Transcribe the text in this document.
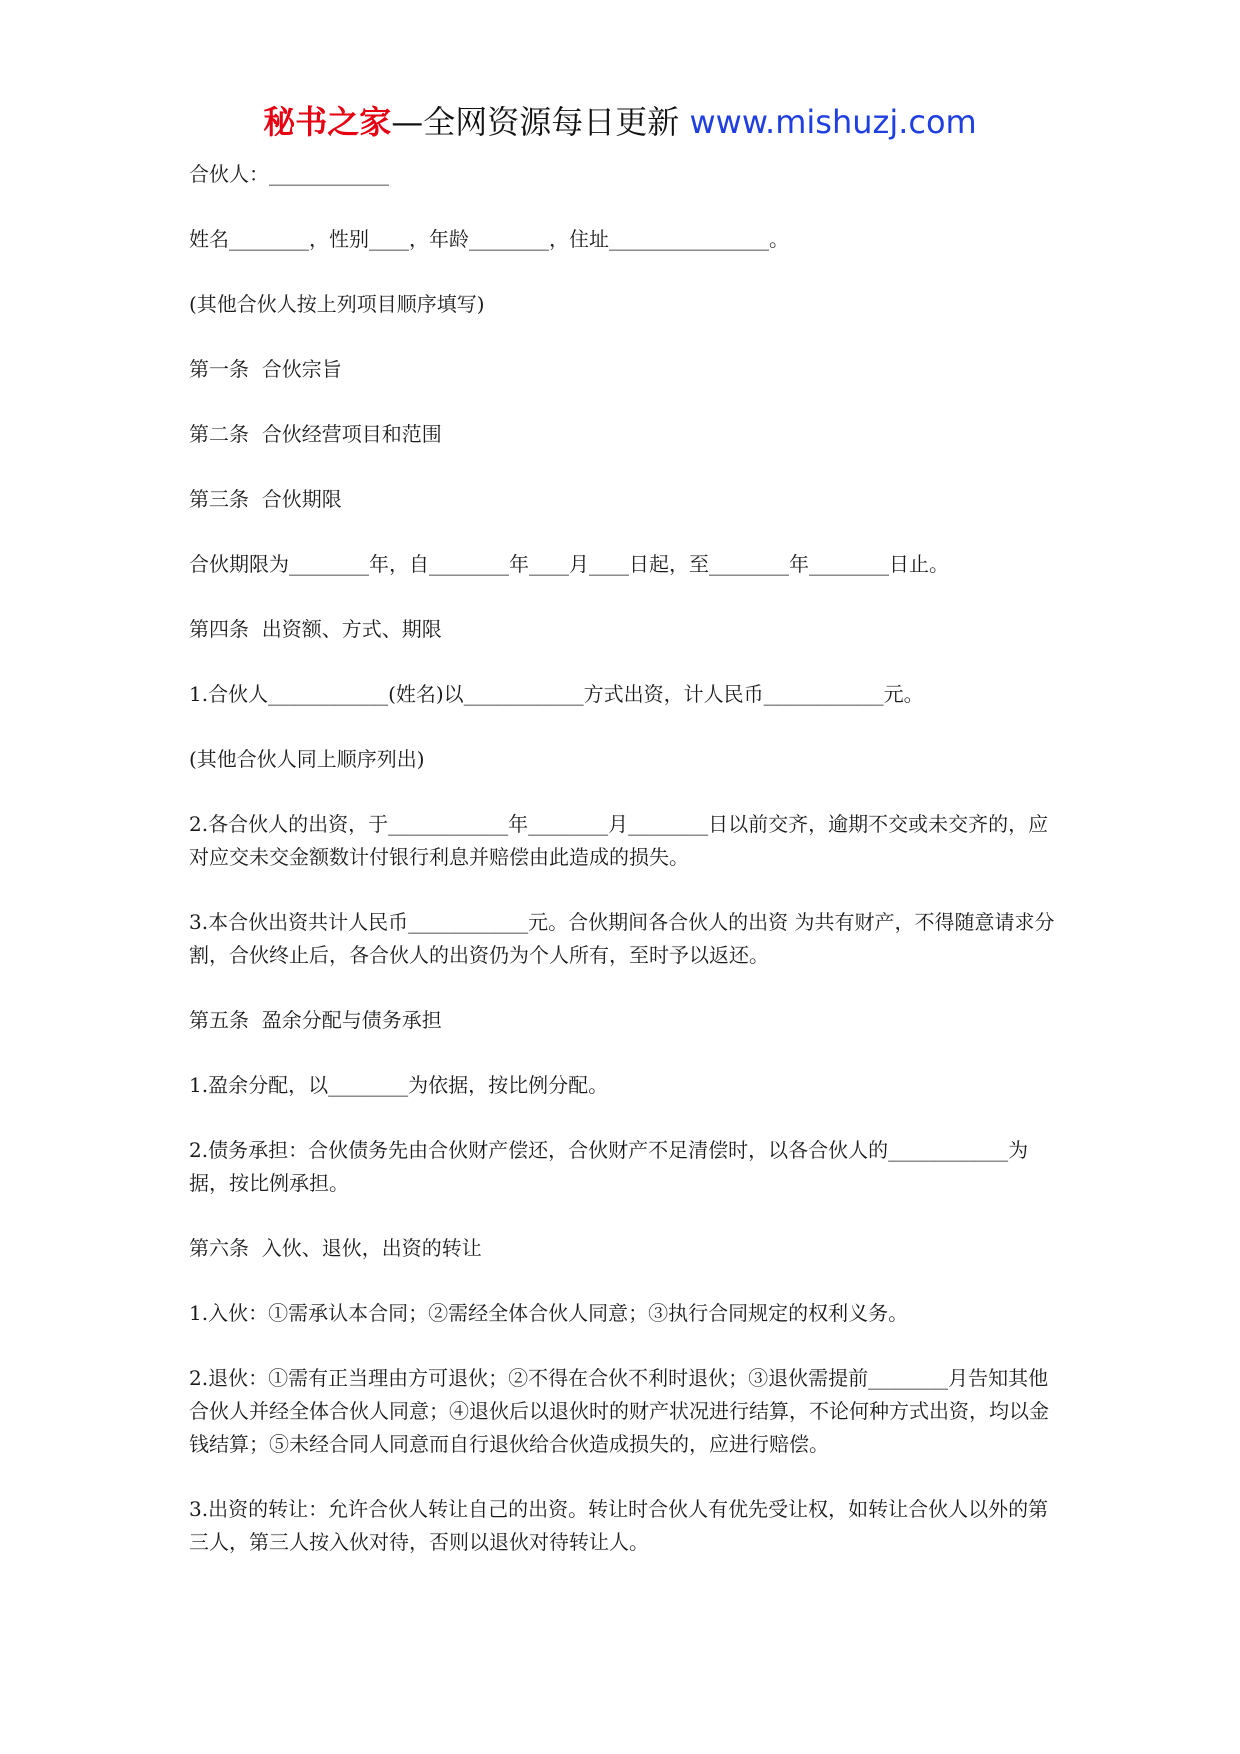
秘书之家—全网资源每日更新 www.mishuzj.com

合伙人：____________

姓名________，性别____，年龄________，住址________________。

(其他合伙人按上列项目顺序填写)

第一条  合伙宗旨

第二条  合伙经营项目和范围

第三条  合伙期限

合伙期限为________年，自________年____月____日起，至________年________日止。

第四条  出资额、方式、期限

1.合伙人____________(姓名)以____________方式出资，计人民币____________元。

(其他合伙人同上顺序列出)

2.各合伙人的出资，于____________年________月________日以前交齐，逾期不交或未交齐的，应对应交未交金额数计付银行利息并赔偿由此造成的损失。

3.本合伙出资共计人民币____________元。合伙期间各合伙人的出资 为共有财产，不得随意请求分割，合伙终止后，各合伙人的出资仍为个人所有，至时予以返还。

第五条  盈余分配与债务承担

1.盈余分配，以________为依据，按比例分配。

2.债务承担：合伙债务先由合伙财产偿还，合伙财产不足清偿时，以各合伙人的____________为据，按比例承担。

第六条  入伙、退伙，出资的转让

1.入伙：①需承认本合同；②需经全体合伙人同意；③执行合同规定的权利义务。

2.退伙：①需有正当理由方可退伙；②不得在合伙不利时退伙；③退伙需提前________月告知其他合伙人并经全体合伙人同意；④退伙后以退伙时的财产状况进行结算，不论何种方式出资，均以金钱结算；⑤未经合同人同意而自行退伙给合伙造成损失的，应进行赔偿。

3.出资的转让：允许合伙人转让自己的出资。转让时合伙人有优先受让权，如转让合伙人以外的第三人，第三人按入伙对待，否则以退伙对待转让人。
